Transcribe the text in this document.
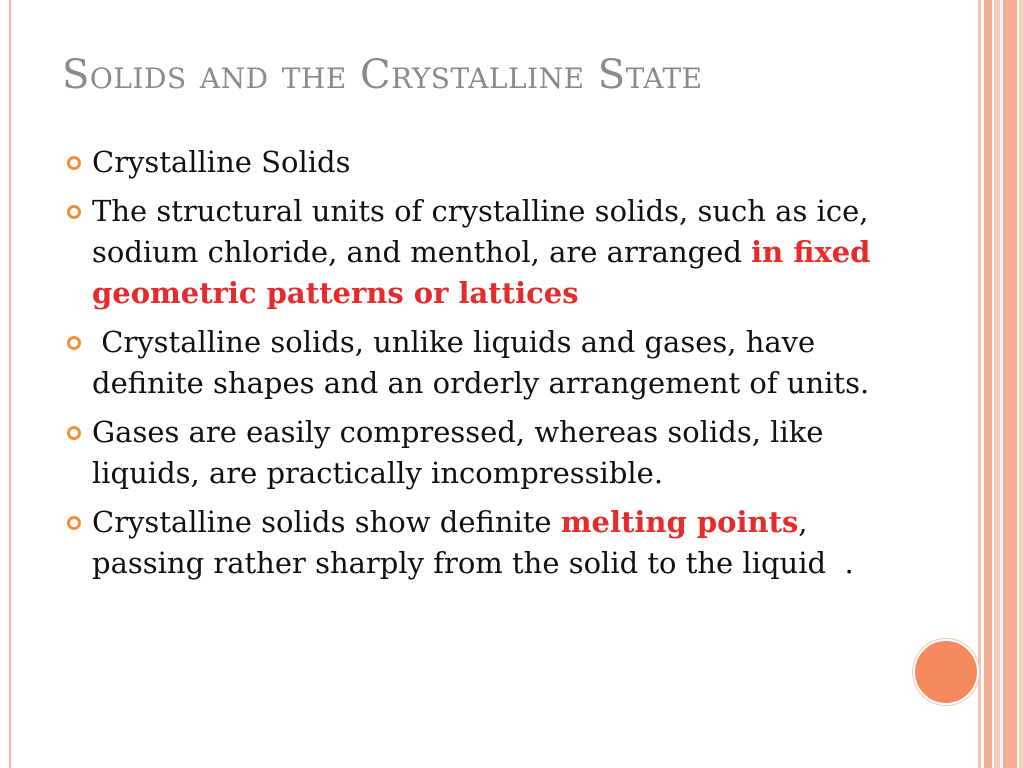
Solids and the Crystalline State
Crystalline Solids
The structural units of crystalline solids, such as ice, sodium chloride, and menthol, are arranged in fixed geometric patterns or lattices
Crystalline solids, unlike liquids and gases, have definite shapes and an orderly arrangement of units.
Gases are easily compressed, whereas solids, like liquids, are practically incompressible.
Crystalline solids show definite melting points, passing rather sharply from the solid to the liquid  .
